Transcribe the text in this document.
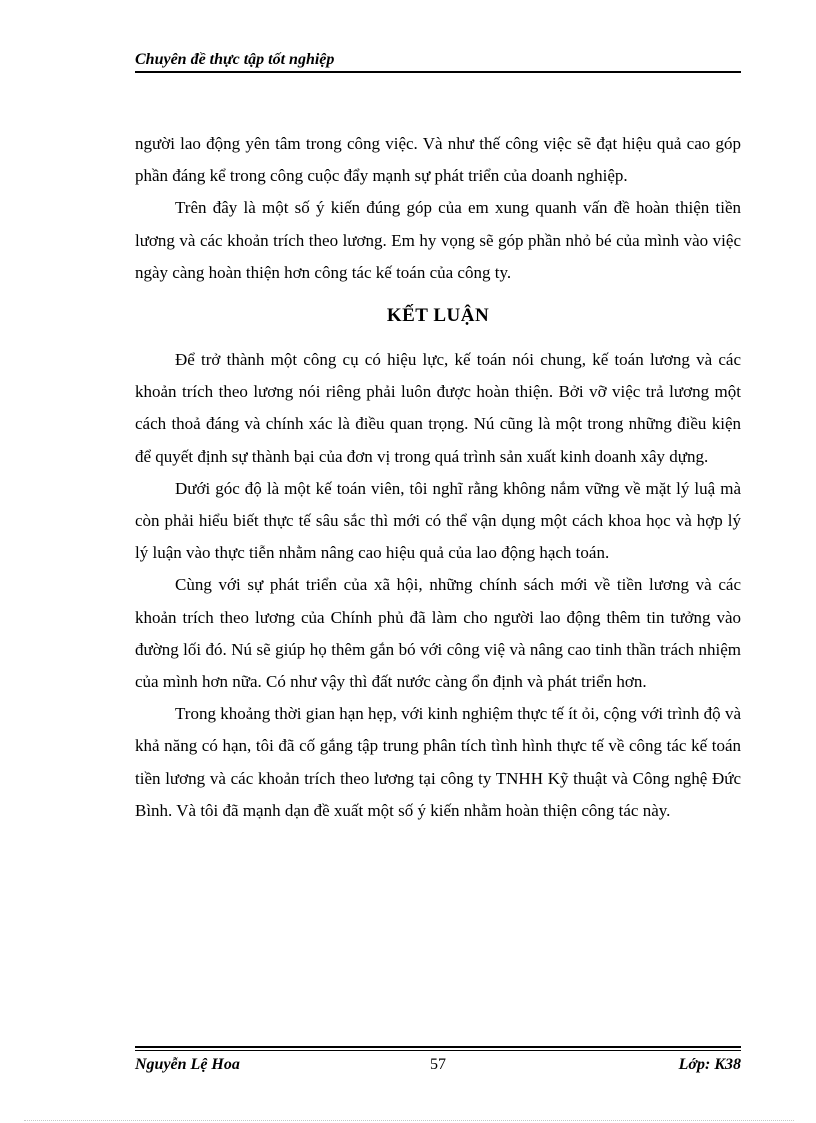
Chuyên đề thực tập tốt nghiệp

người lao động yên tâm trong công việc. Và như thế công việc sẽ đạt hiệu quả cao góp phần đáng kể trong công cuộc đẩy mạnh sự phát triển của doanh nghiệp.

Trên đây là một số ý kiến đúng góp của em xung quanh vấn đề hoàn thiện tiền lương và các khoản trích theo lương. Em hy vọng sẽ góp phần nhỏ bé của mình vào việc ngày càng hoàn thiện hơn công tác kế toán của công ty.

KẾT LUẬN

Để trở thành một công cụ có hiệu lực, kế toán nói chung, kế toán lương và các khoản trích theo lương nói riêng phải luôn được hoàn thiện. Bởi vỡ việc trả lương một cách thoả đáng và chính xác là điều quan trọng. Nú cũng là một trong những điều kiện để quyết định sự thành bại của đơn vị trong quá trình sản xuất kinh doanh xây dựng.

Dưới góc độ là một kế toán viên, tôi nghĩ rằng không nắm vững về mặt lý luậ mà còn phải hiểu biết thực tế sâu sắc thì mới có thể vận dụng một cách khoa học và hợp lý lý luận vào thực tiễn nhằm nâng cao hiệu quả của lao động hạch toán.

Cùng với sự phát triển của xã hội, những chính sách mới về tiền lương và các khoản trích theo lương của Chính phủ đã làm cho người lao động thêm tin tưởng vào đường lối đó. Nú sẽ giúp họ thêm gắn bó với công việ và nâng cao tinh thần trách nhiệm của mình hơn nữa. Có như vậy thì đất nước càng ổn định và phát triển hơn.

Trong khoảng thời gian hạn hẹp, với kinh nghiệm thực tế ít ỏi, cộng với trình độ và khả năng có hạn, tôi đã cố gắng tập trung phân tích tình hình thực tế về công tác kế toán tiền lương và các khoản trích theo lương tại công ty TNHH Kỹ thuật và Công nghệ Đức Bình. Và tôi đã mạnh dạn đề xuất một số ý kiến nhằm hoàn thiện công tác này.

Nguyễn Lệ Hoa	57	Lớp: K38
